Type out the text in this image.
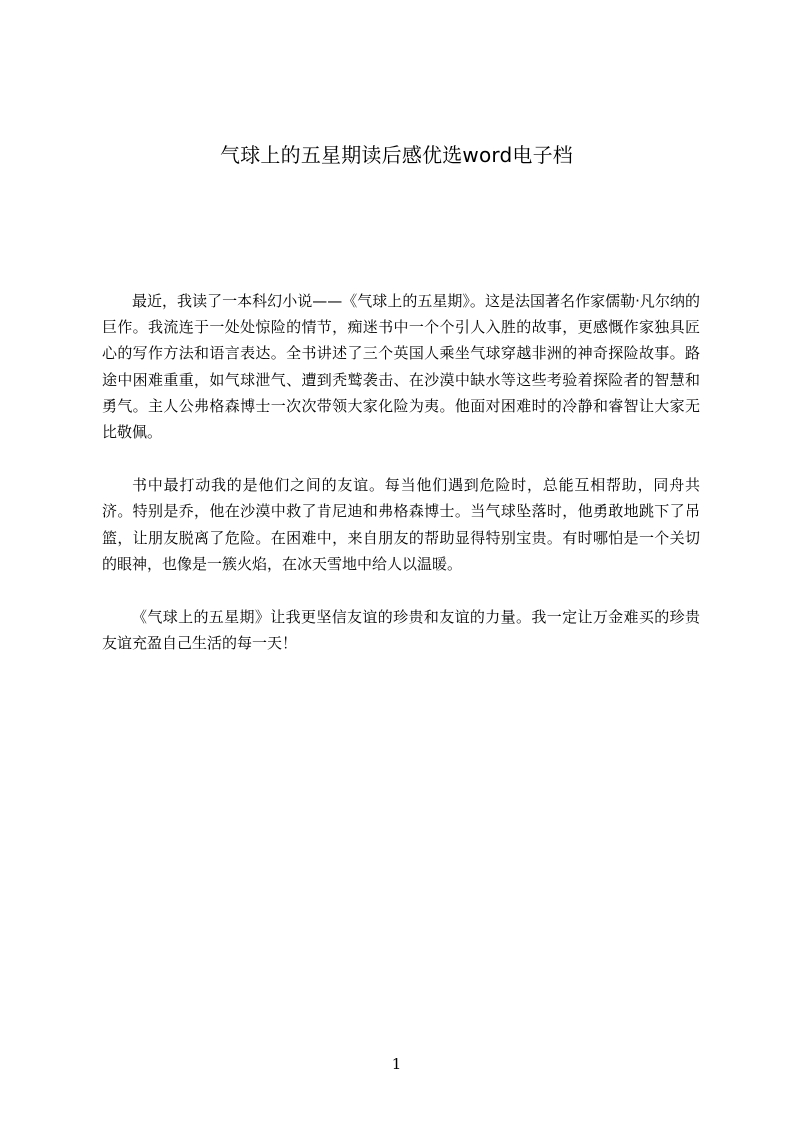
气球上的五星期读后感优选word电子档

最近，我读了一本科幻小说——《气球上的五星期》。这是法国著名作家儒勒·凡尔纳的巨作。我流连于一处处惊险的情节，痴迷书中一个个引人入胜的故事，更感慨作家独具匠心的写作方法和语言表达。全书讲述了三个英国人乘坐气球穿越非洲的神奇探险故事。路途中困难重重，如气球泄气、遭到秃鹫袭击、在沙漠中缺水等这些考验着探险者的智慧和勇气。主人公弗格森博士一次次带领大家化险为夷。他面对困难时的冷静和睿智让大家无比敬佩。

书中最打动我的是他们之间的友谊。每当他们遇到危险时，总能互相帮助，同舟共济。特别是乔，他在沙漠中救了肯尼迪和弗格森博士。当气球坠落时，他勇敢地跳下了吊篮，让朋友脱离了危险。在困难中，来自朋友的帮助显得特别宝贵。有时哪怕是一个关切的眼神，也像是一簇火焰，在冰天雪地中给人以温暖。

《气球上的五星期》让我更坚信友谊的珍贵和友谊的力量。我一定让万金难买的珍贵友谊充盈自己生活的每一天！

1
